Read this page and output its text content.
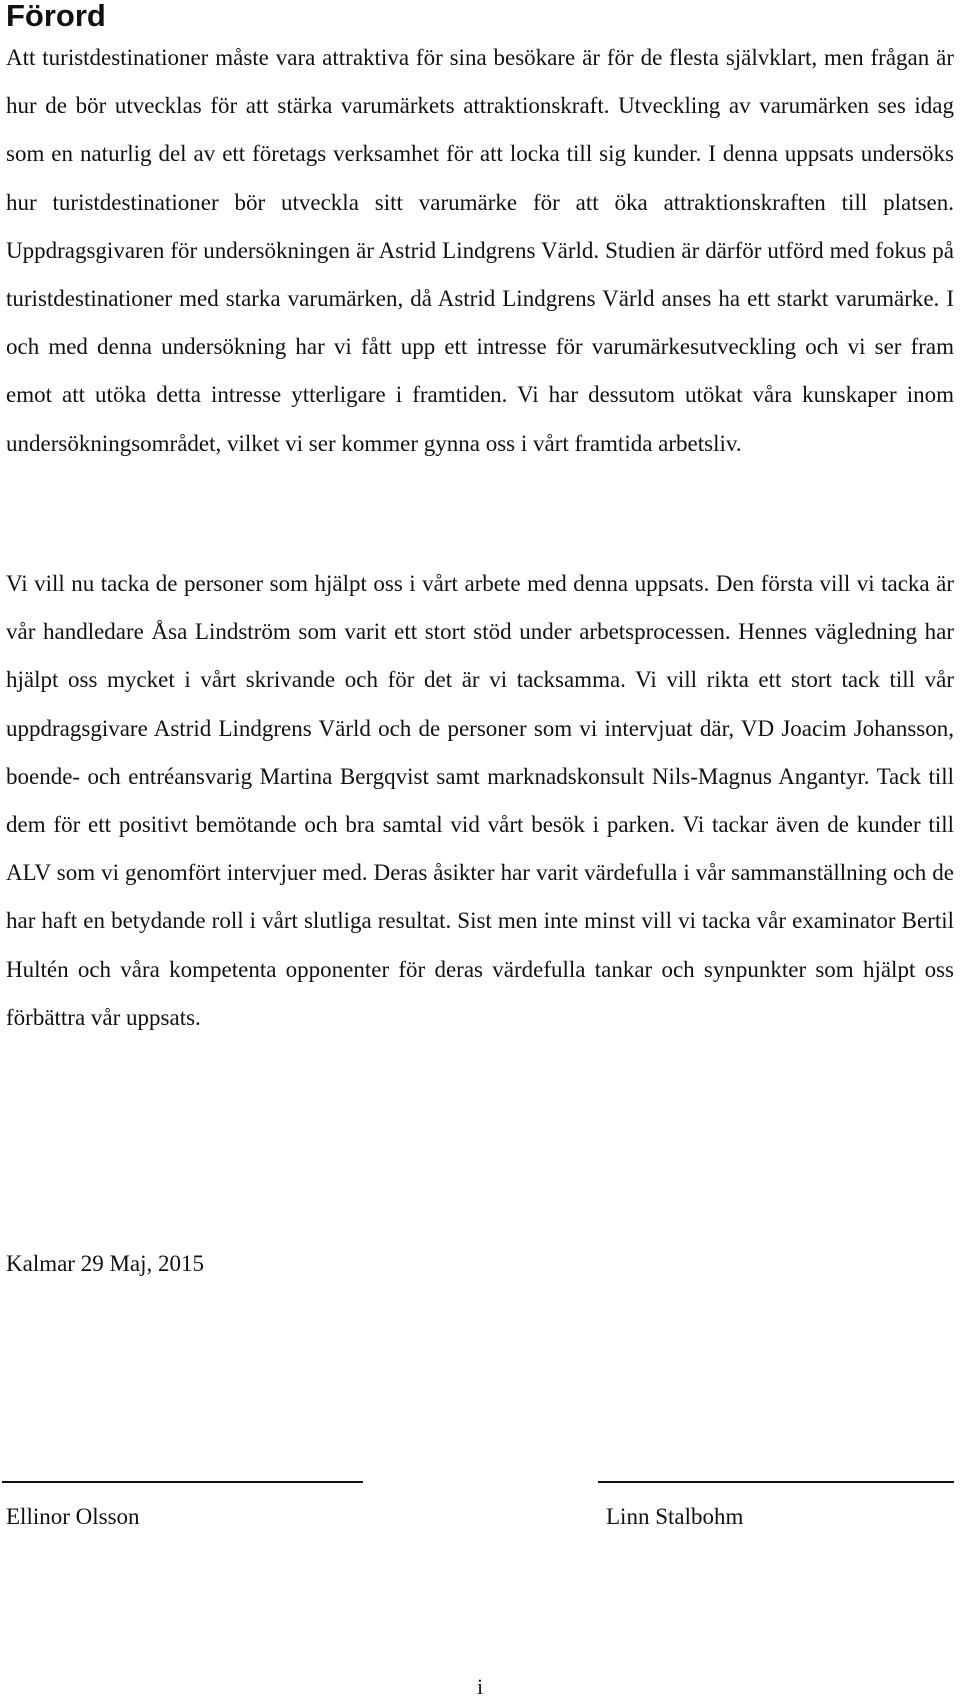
Förord

Att turistdestinationer måste vara attraktiva för sina besökare är för de flesta självklart, men frågan är hur de bör utvecklas för att stärka varumärkets attraktionskraft. Utveckling av varumärken ses idag som en naturlig del av ett företags verksamhet för att locka till sig kunder. I denna uppsats undersöks hur turistdestinationer bör utveckla sitt varumärke för att öka attraktionskraften till platsen. Uppdragsgivaren för undersökningen är Astrid Lindgrens Värld. Studien är därför utförd med fokus på turistdestinationer med starka varumärken, då Astrid Lindgrens Värld anses ha ett starkt varumärke. I och med denna undersökning har vi fått upp ett intresse för varumärkesutveckling och vi ser fram emot att utöka detta intresse ytterligare i framtiden. Vi har dessutom utökat våra kunskaper inom undersökningsområdet, vilket vi ser kommer gynna oss i vårt framtida arbetsliv.

Vi vill nu tacka de personer som hjälpt oss i vårt arbete med denna uppsats. Den första vill vi tacka är vår handledare Åsa Lindström som varit ett stort stöd under arbetsprocessen. Hennes vägledning har hjälpt oss mycket i vårt skrivande och för det är vi tacksamma. Vi vill rikta ett stort tack till vår uppdragsgivare Astrid Lindgrens Värld och de personer som vi intervjuat där, VD Joacim Johansson, boende- och entréansvarig Martina Bergqvist samt marknadskonsult Nils-Magnus Angantyr. Tack till dem för ett positivt bemötande och bra samtal vid vårt besök i parken. Vi tackar även de kunder till ALV som vi genomfört intervjuer med. Deras åsikter har varit värdefulla i vår sammanställning och de har haft en betydande roll i vårt slutliga resultat. Sist men inte minst vill vi tacka vår examinator Bertil Hultén och våra kompetenta opponenter för deras värdefulla tankar och synpunkter som hjälpt oss förbättra vår uppsats.

Kalmar 29 Maj, 2015

Ellinor Olsson	Linn Stalbohm

i
